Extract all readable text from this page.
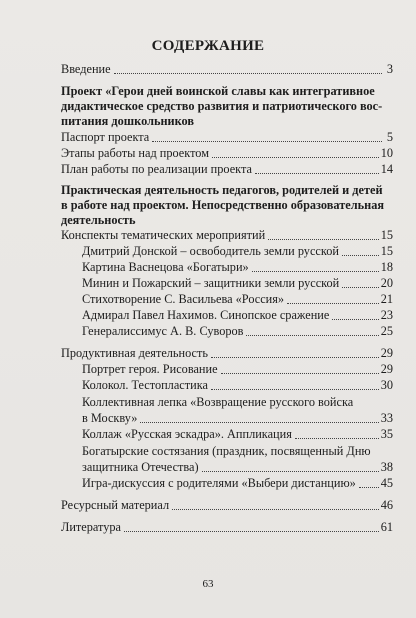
СОДЕРЖАНИЕ
Введение	3
Проект «Герои дней воинской славы как интегративное
дидактическое средство развития и патриотического вос-
питания дошкольников
Паспорт проекта	5
Этапы работы над проектом	10
План работы по реализации проекта	14
Практическая деятельность педагогов, родителей и детей
в работе над проектом. Непосредственно образовательная
деятельность
Конспекты тематических мероприятий	15
Дмитрий Донской – освободитель земли русской	15
Картина Васнецова «Богатыри»	18
Минин и Пожарский – защитники земли русской	20
Стихотворение С. Васильева «Россия»	21
Адмирал Павел Нахимов. Синопское сражение	23
Генералиссимус А. В. Суворов	25
Продуктивная деятельность	29
Портрет героя. Рисование	29
Колокол. Тестопластика	30
Коллективная лепка «Возвращение русского войска
в Москву»	33
Коллаж «Русская эскадра». Аппликация	35
Богатырские состязания (праздник, посвященный Дню
защитника Отечества)	38
Игра-дискуссия с родителями «Выбери дистанцию» 45
Ресурсный материал	46
Литература	61
63
